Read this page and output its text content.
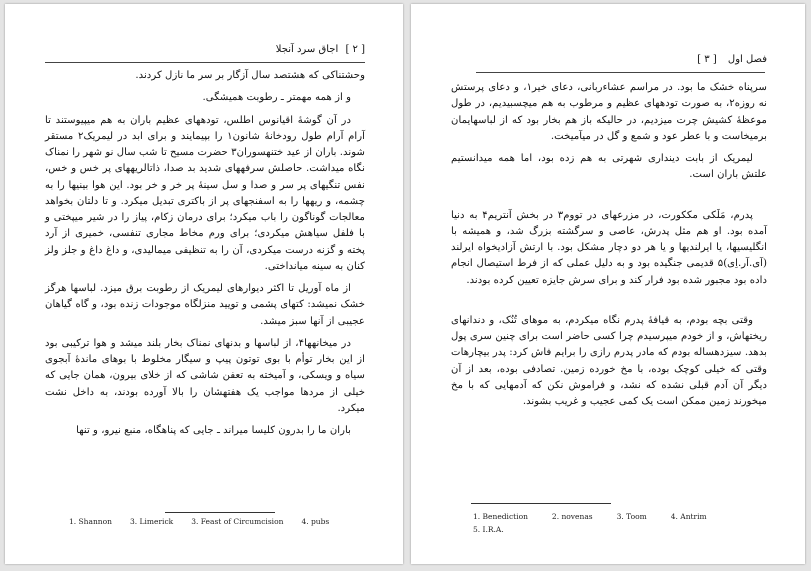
[ ۲ ] اجاق سرد آنجلا

وحشتناکی که هشتصد سال آزگار بر سر ما نازل کردند.

و از همه مهمتر ـ رطوبت همیشگی.

در آن گوشهٔ اقیانوس اطلس، تودههای عظیم باران به هم میپیوستند تا آرام آرام طول رودخانهٔ شانون۱ را بپیمایند و برای ابد در لیمریک۲ مستقر شوند. باران از عید ختنهسوران۳ حضرت مسیح تا شب سال نو شهر را نمناک نگاه میداشت. حاصلش سرفههای شدید بد صدا، ذاتالریههای پر خس و خس، نفس تنگیهای پر سر و صدا و سل سینهٔ پر خر و خر بود. این هوا بینیها را به چشمه، و ریهها را به اسفنجهای پر از باکتری تبدیل میکرد. و تا دلتان بخواهد معالجات گوناگون را باب میکرد؛ برای درمان زکام، پیاز را در شیر میپختی و با فلفل سیاهش میکردی؛ برای ورم مخاط مجاری تنفسی، خمیری از آرد پخته و گزنه درست میکردی، آن را به تنظیفی میمالیدی، و داغ داغ و جلز ولز کنان به سینه میانداختی.

از ماه آوریل تا اکثر دیوارهای لیمریک از رطوبت برق میزد. لباسها هرگز خشک نمیشد: کتهای پشمی و تویید منزلگاه موجودات زنده بود، و گاه گیاهان عجیبی از آنها سبز میشد.

در میخانهها۴، از لباسها و بدنهای نمناک بخار بلند میشد و هوا ترکیبی بود از این بخار توأم با بوی توتون پیپ و سیگار مخلوط با بوهای ماندهٔ آبجوی سیاه و ویسکی، و آمیخته به تعفن شاشی که از خلای بیرون، همان جایی که خیلی از مردها مواجب یک هفتهشان را بالا آورده بودند، به داخل نشت میکرد.

باران ما را بدرون کلیسا میراند ـ جایی که پناهگاه، منبع نیرو، و تنها

1. Shannon 3. Limerick 3. Feast of Circumcision 4. pubs
فصل اول [ ۳ ]

سرپناه خشک ما بود. در مراسم عشاءربانی، دعای خیر۱، و دعای پرستش نه روزه۲، به صورت تودههای عظیم و مرطوب به هم میچسبیدیم، در طول موعظهٔ کشیش چرت میزدیم، در حالیکه باز هم بخار بود که از لباسهایمان برمیخاست و با عطر عود و شمع و گل در میآمیخت.

لیمریک از بابت دینداری شهرتی به هم زده بود، اما همه میدانستیم علتش باران است.

پدرم، مَلَکی مککورت، در مزرعهای در تووم۳ در بخش آنتریم۴ به دنیا آمده بود. او هم مثل پدرش، عاصی و سرگشته بزرگ شد، و همیشه با انگلیسیها، یا ایرلندیها و یا هر دو دچار مشکل بود. با ارتش آزادیخواه ایرلند (آی.آر.اِی)۵ قدیمی جنگیده بود و به دلیل عملی که از فرط استیصال انجام داده بود مجبور شده بود فرار کند و برای سرش جایزه تعیین کرده بودند.

وقتی بچه بودم، به قیافهٔ پدرم نگاه میکردم، به موهای تُنُک، و دندانهای ریختهاش، و از خودم میپرسیدم چرا کسی حاضر است برای چنین سری پول بدهد. سیزدهساله بودم که مادر پدرم رازی را برایم فاش کرد: پدر بیچارهات وقتی که خیلی کوچک بوده، با مخ خورده زمین. تصادفی بوده، بعد از آن دیگر آن آدم قبلی نشده که نشد، و فراموش نکن که آدمهایی که با مخ میخورند زمین ممکن است یک کمی عجیب و غریب بشوند.

1. Benediction	2. novenas	3. Toom	4. Antrim
5. I.R.A.
